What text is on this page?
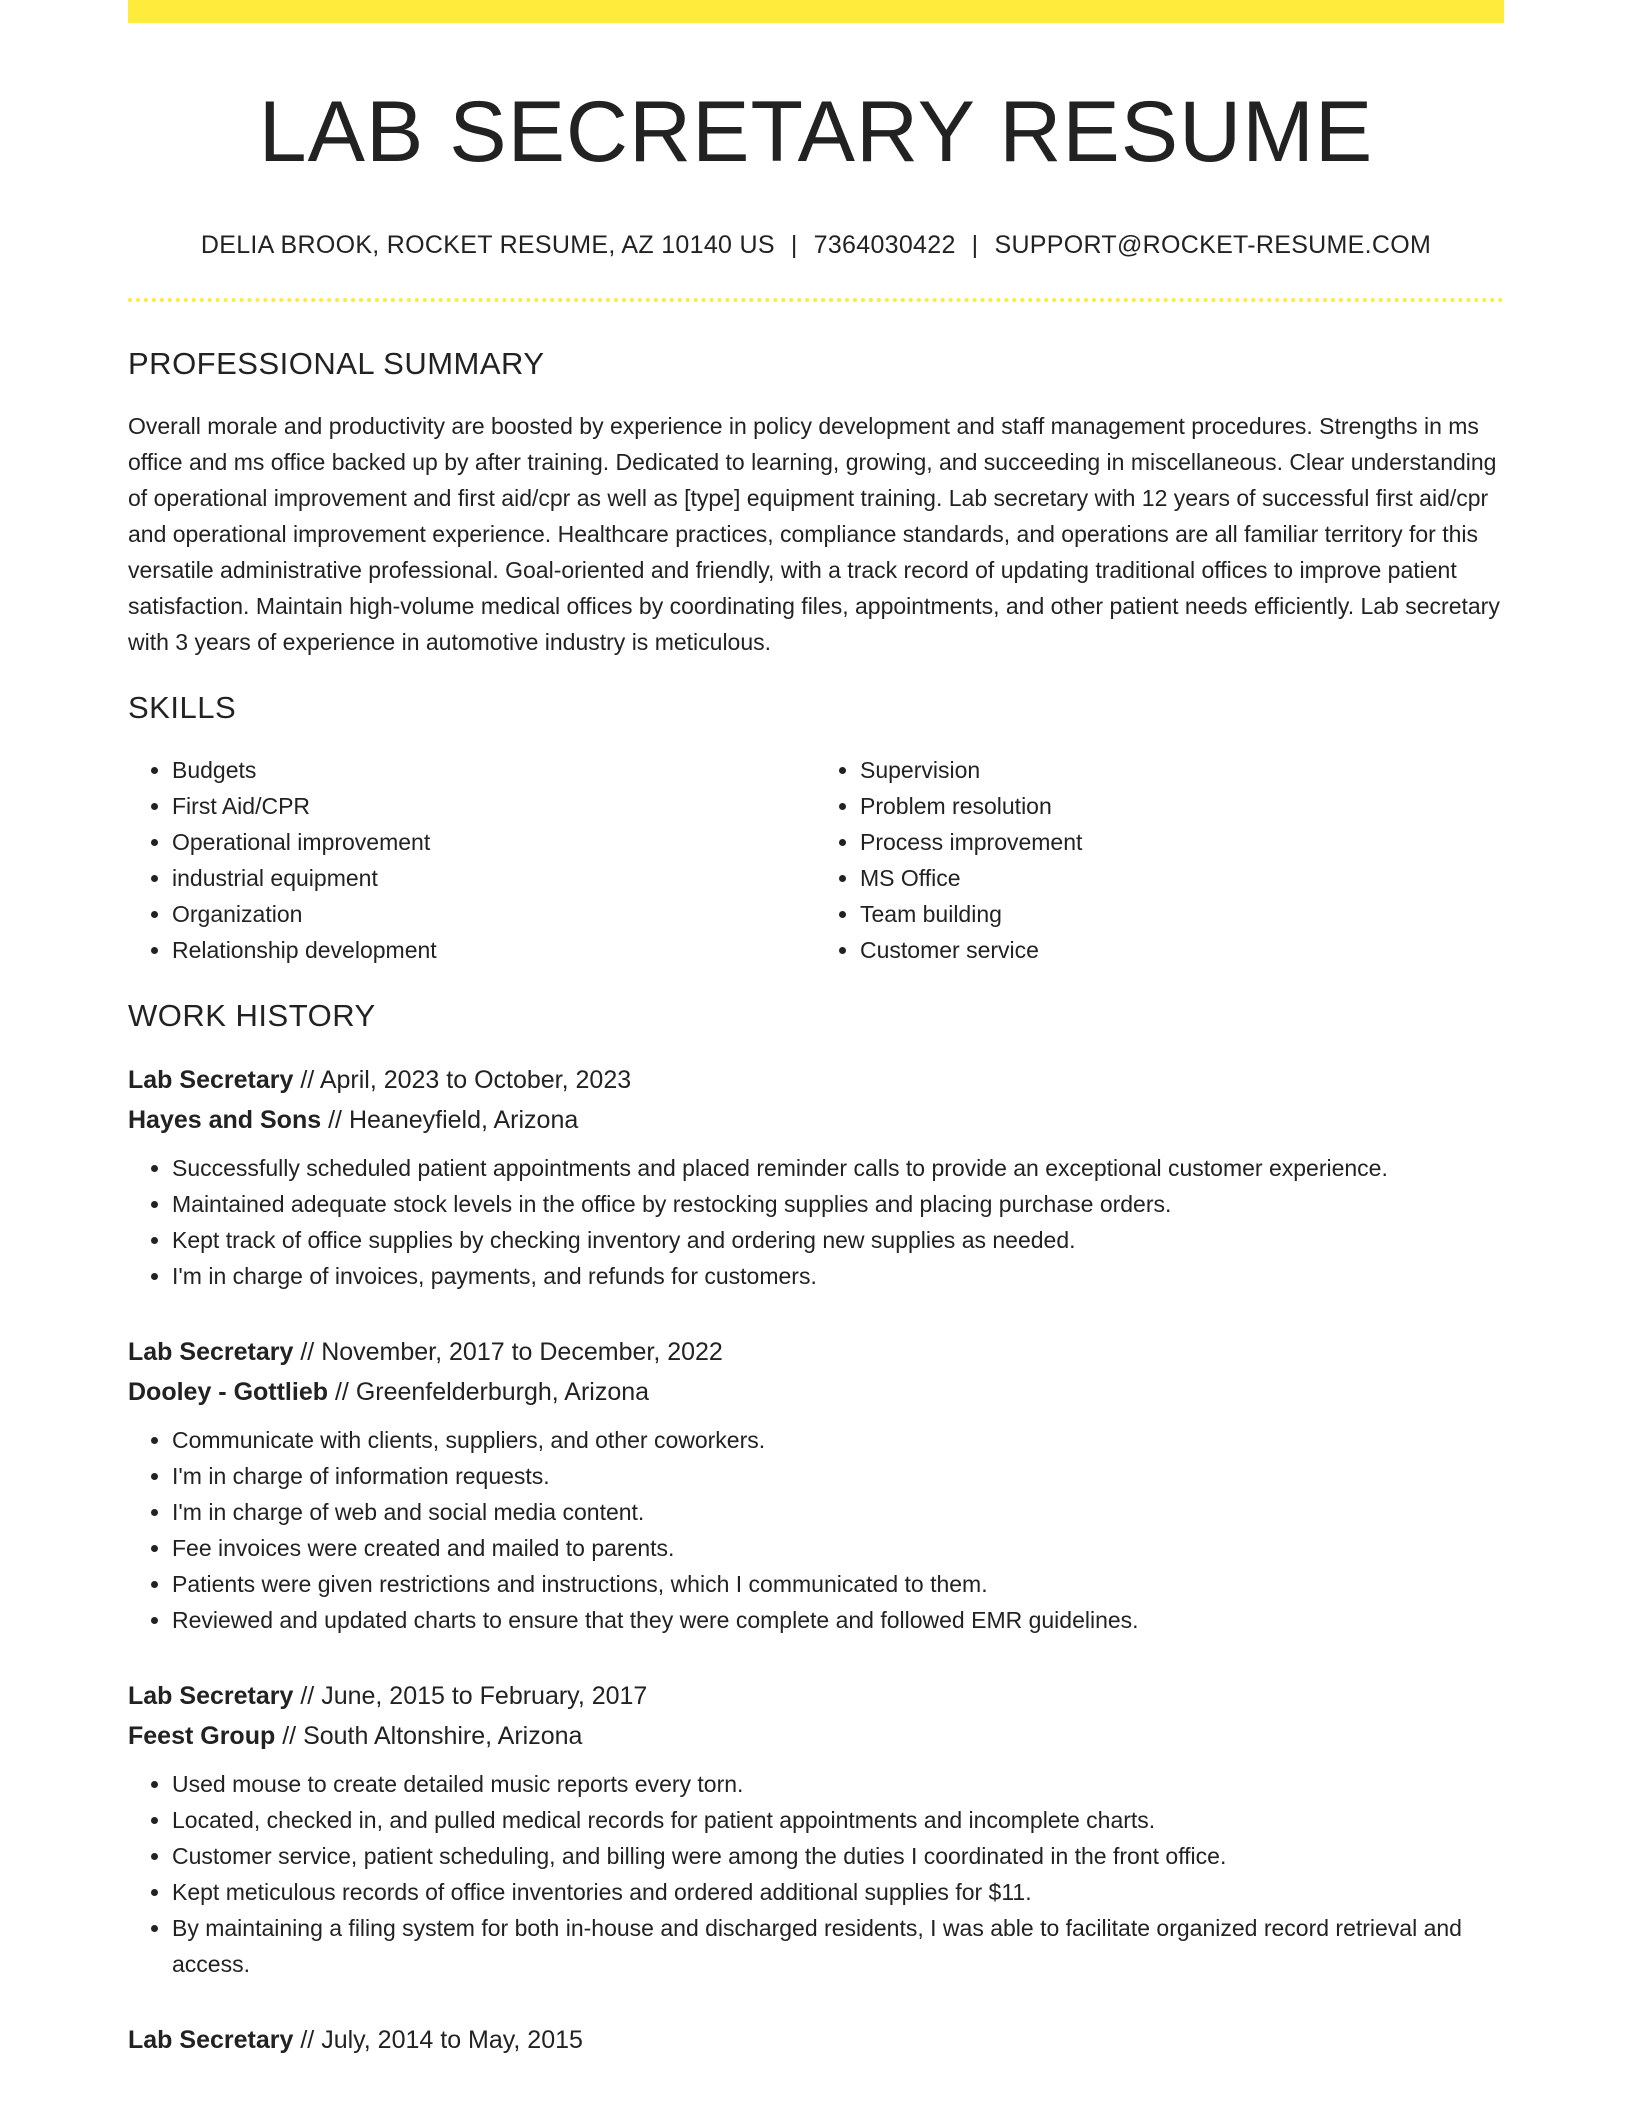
LAB SECRETARY RESUME
DELIA BROOK, ROCKET RESUME, AZ 10140 US | 7364030422 | SUPPORT@ROCKET-RESUME.COM
PROFESSIONAL SUMMARY

Overall morale and productivity are boosted by experience in policy development and staff management procedures. Strengths in ms office and ms office backed up by after training. Dedicated to learning, growing, and succeeding in miscellaneous. Clear understanding of operational improvement and first aid/cpr as well as [type] equipment training. Lab secretary with 12 years of successful first aid/cpr and operational improvement experience. Healthcare practices, compliance standards, and operations are all familiar territory for this versatile administrative professional. Goal-oriented and friendly, with a track record of updating traditional offices to improve patient satisfaction. Maintain high-volume medical offices by coordinating files, appointments, and other patient needs efficiently. Lab secretary with 3 years of experience in automotive industry is meticulous.

SKILLS
• Budgets
• First Aid/CPR
• Operational improvement
• industrial equipment
• Organization
• Relationship development
• Supervision
• Problem resolution
• Process improvement
• MS Office
• Team building
• Customer service
WORK HISTORY
Lab Secretary // April, 2023 to October, 2023
Hayes and Sons // Heaneyfield, Arizona
• Successfully scheduled patient appointments and placed reminder calls to provide an exceptional customer experience.
• Maintained adequate stock levels in the office by restocking supplies and placing purchase orders.
• Kept track of office supplies by checking inventory and ordering new supplies as needed.
• I'm in charge of invoices, payments, and refunds for customers.
Lab Secretary // November, 2017 to December, 2022
Dooley - Gottlieb // Greenfelderburgh, Arizona
• Communicate with clients, suppliers, and other coworkers.
• I'm in charge of information requests.
• I'm in charge of web and social media content.
• Fee invoices were created and mailed to parents.
• Patients were given restrictions and instructions, which I communicated to them.
• Reviewed and updated charts to ensure that they were complete and followed EMR guidelines.
Lab Secretary // June, 2015 to February, 2017
Feest Group // South Altonshire, Arizona
• Used mouse to create detailed music reports every torn.
• Located, checked in, and pulled medical records for patient appointments and incomplete charts.
• Customer service, patient scheduling, and billing were among the duties I coordinated in the front office.
• Kept meticulous records of office inventories and ordered additional supplies for $11.
• By maintaining a filing system for both in-house and discharged residents, I was able to facilitate organized record retrieval and access.
Lab Secretary // July, 2014 to May, 2015
